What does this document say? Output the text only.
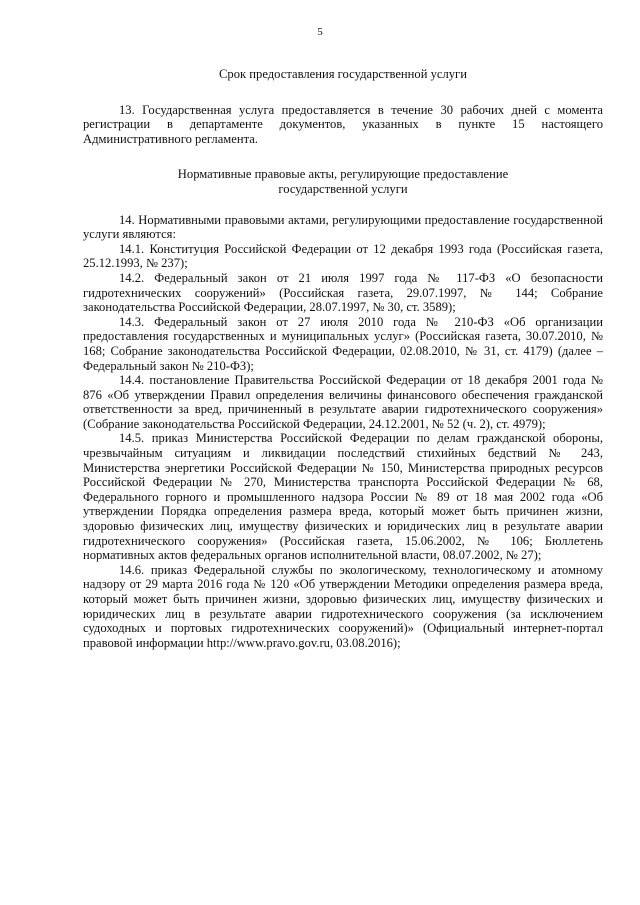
5

Срок предоставления государственной услуги

13. Государственная услуга предоставляется в течение 30 рабочих дней с момента регистрации в департаменте документов, указанных в пункте 15 настоящего Административного регламента.

Нормативные правовые акты, регулирующие предоставление
государственной услуги

14. Нормативными правовыми актами, регулирующими предоставление государственной услуги являются:

14.1. Конституция Российской Федерации от 12 декабря 1993 года (Российская газета, 25.12.1993, № 237);

14.2. Федеральный закон от 21 июля 1997 года № 117-ФЗ «О безопасности гидротехнических сооружений» (Российская газета, 29.07.1997, № 144; Собрание законодательства Российской Федерации, 28.07.1997, № 30, ст. 3589);

14.3. Федеральный закон от 27 июля 2010 года № 210-ФЗ «Об организации предоставления государственных и муниципальных услуг» (Российская газета, 30.07.2010, № 168; Собрание законодательства Российской Федерации, 02.08.2010, № 31, ст. 4179) (далее – Федеральный закон № 210-ФЗ);

14.4. постановление Правительства Российской Федерации от 18 декабря 2001 года № 876 «Об утверждении Правил определения величины финансового обеспечения гражданской ответственности за вред, причиненный в результате аварии гидротехнического сооружения» (Собрание законодательства Российской Федерации, 24.12.2001, № 52 (ч. 2), ст. 4979);

14.5. приказ Министерства Российской Федерации по делам гражданской обороны, чрезвычайным ситуациям и ликвидации последствий стихийных бедствий № 243, Министерства энергетики Российской Федерации № 150, Министерства природных ресурсов Российской Федерации № 270, Министерства транспорта Российской Федерации № 68, Федерального горного и промышленного надзора России № 89 от 18 мая 2002 года «Об утверждении Порядка определения размера вреда, который может быть причинен жизни, здоровью физических лиц, имуществу физических и юридических лиц в результате аварии гидротехнического сооружения» (Российская газета, 15.06.2002, № 106; Бюллетень нормативных актов федеральных органов исполнительной власти, 08.07.2002, № 27);

14.6. приказ Федеральной службы по экологическому, технологическому и атомному надзору от 29 марта 2016 года № 120 «Об утверждении Методики определения размера вреда, который может быть причинен жизни, здоровью физических лиц, имуществу физических и юридических лиц в результате аварии гидротехнического сооружения (за исключением судоходных и портовых гидротехнических сооружений)» (Официальный интернет-портал правовой информации http://www.pravo.gov.ru, 03.08.2016);
